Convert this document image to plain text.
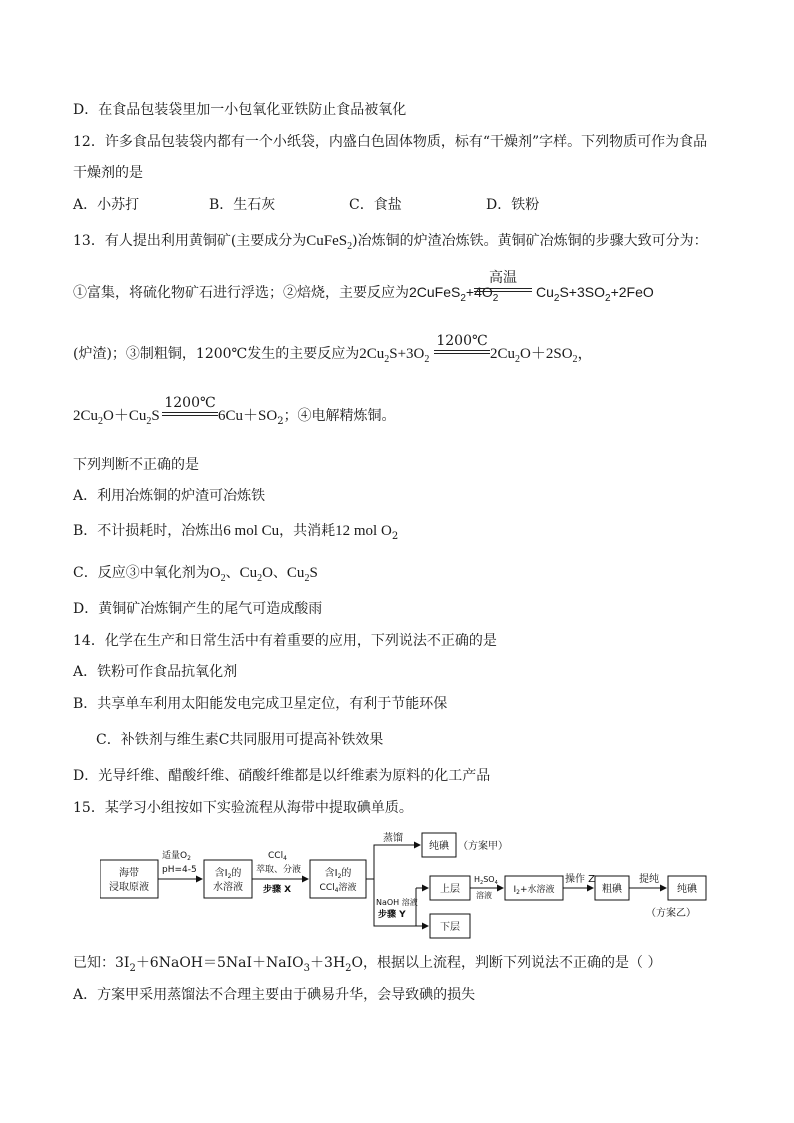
D．在食品包装袋里加一小包氧化亚铁防止食品被氧化
12．许多食品包装袋内都有一个小纸袋，内盛白色固体物质，标有“干燥剂”字样。下列物质可作为食品
干燥剂的是
A．小苏打	B．生石灰	C．食盐	D．铁粉
13．有人提出利用黄铜矿(主要成分为CuFeS$_2$)冶炼铜的炉渣冶炼铁。黄铜矿冶炼铜的步骤大致可分为：
①富集，将硫化物矿石进行浮选；②焙烧，主要反应为$2CuFeS_2+4O_2$
高温
$Cu_2S+3SO_2+2FeO$
(炉渣)；③制粗铜，1200℃发生的主要反应为$2Cu_2S+3O_2$
1200℃
$2Cu_2O+2SO_2$，
$2Cu_2O+Cu_2S$
1200℃
$6Cu+SO_2$；④电解精炼铜。
下列判断不正确的是
A．利用冶炼铜的炉渣可冶炼铁
B．不计损耗时，冶炼出6 mol Cu，共消耗12 mol $O_2$
C．反应③中氧化剂为$O_2$、$Cu_2O$、$Cu_2S$
D．黄铜矿冶炼铜产生的尾气可造成酸雨
14．化学在生产和日常生活中有着重要的应用，下列说法不正确的是
A．铁粉可作食品抗氧化剂
B．共享单车利用太阳能发电完成卫星定位，有利于节能环保
C．补铁剂与维生素C共同服用可提高补铁效果
D．光导纤维、醋酸纤维、硝酸纤维都是以纤维素为原料的化工产品
15．某学习小组按如下实验流程从海带中提取碘单质。
海带
浸取原液
适量$O_2$
pH=4-5 含$I_2$的
水溶液
CCl$_4$
萃取、分液
步骤 X
含$I_2$的
CCl$_4$溶液
蒸馏
纯碘 （方案甲）
NaOH 溶液
步骤 Y
上层
下层
$H_2SO_4$
溶液
$I_2+$水溶液
操作 Z
粗碘
提纯
纯碘
（方案乙）
已知：$3I_2+6NaOH=5NaI+NaIO_3+3H_2O$，根据以上流程，判断下列说法不正确的是（ ）
A．方案甲采用蒸馏法不合理主要由于碘易升华，会导致碘的损失
